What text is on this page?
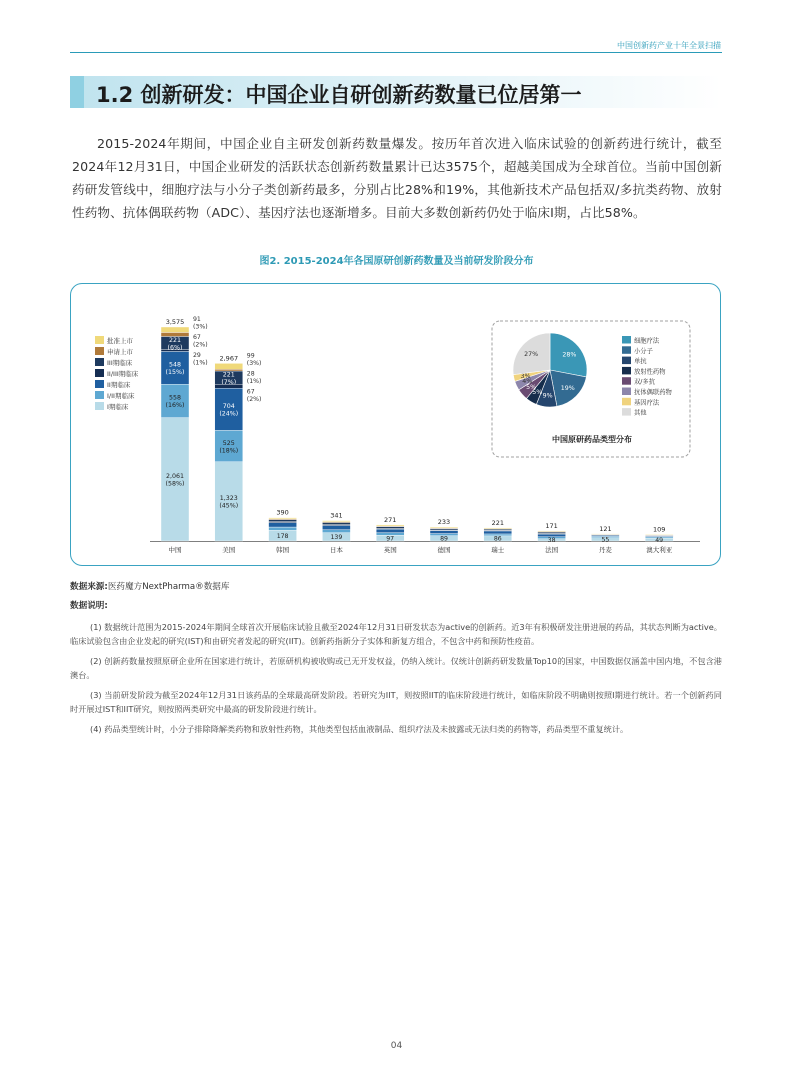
中国创新药产业十年全景扫描
1.2 创新研发：中国企业自研创新药数量已位居第一
2015-2024年期间，中国企业自主研发创新药数量爆发。按历年首次进入临床试验的创新药进行统计，截至2024年12月31日，中国企业研发的活跃状态创新药数量累计已达3575个，超越美国成为全球首位。当前中国创新药研发管线中，细胞疗法与小分子类创新药最多，分别占比28%和19%，其他新技术产品包括双/多抗类药物、放射性药物、抗体偶联药物（ADC）、基因疗法也逐渐增多。目前大多数创新药仍处于临床I期，占比58%。
图2. 2015-2024年各国原研创新药数量及当前研发阶段分布
中国
3,575
美国
2,967
韩国
390
日本
341
英国
271
德国
233
瑞士
221
法国
171
丹麦
121
澳大利亚
109
2,061
(58%)
558
(16%)
548
(15%)
221
(6%)
91
(3%)
67
(2%)
29
(1%)
1,323
(45%)
525
(18%)
704
(24%)
221
(7%)
99
(3%)
28
(1%)
67
(2%)
178	139	97	89	86	38	55	49
批准上市
申请上市
III期临床
II/III期临床
II期临床
I/II期临床
I期临床
28%
19%
9%
5%
5%
4%
3%
27%
细胞疗法
小分子
单抗
放射性药物
双/多抗
抗体偶联药物
基因疗法
其他
中国原研药品类型分布
数据来源:医药魔方NextPharma®数据库
数据说明:

(1) 数据统计范围为2015-2024年期间全球首次开展临床试验且截至2024年12月31日研发状态为active的创新药。近3年有积极研发注册进展的药品，其状态判断为active。临床试验包含由企业发起的研究(IST)和由研究者发起的研究(IIT)。创新药指新分子实体和新复方组合，不包含中药和预防性疫苗。

(2) 创新药数量按照原研企业所在国家进行统计，若原研机构被收购或已无开发权益，仍纳入统计。仅统计创新药研发数量Top10的国家，中国数据仅涵盖中国内地，不包含港澳台。

(3) 当前研发阶段为截至2024年12月31日该药品的全球最高研发阶段。若研究为IIT，则按照IIT的临床阶段进行统计，如临床阶段不明确则按照I期进行统计。若一个创新药同时开展过IST和IIT研究，则按照两类研究中最高的研发阶段进行统计。

(4) 药品类型统计时，小分子排除降解类药物和放射性药物，其他类型包括血液制品、组织疗法及未披露或无法归类的药物等，药品类型不重复统计。

04
